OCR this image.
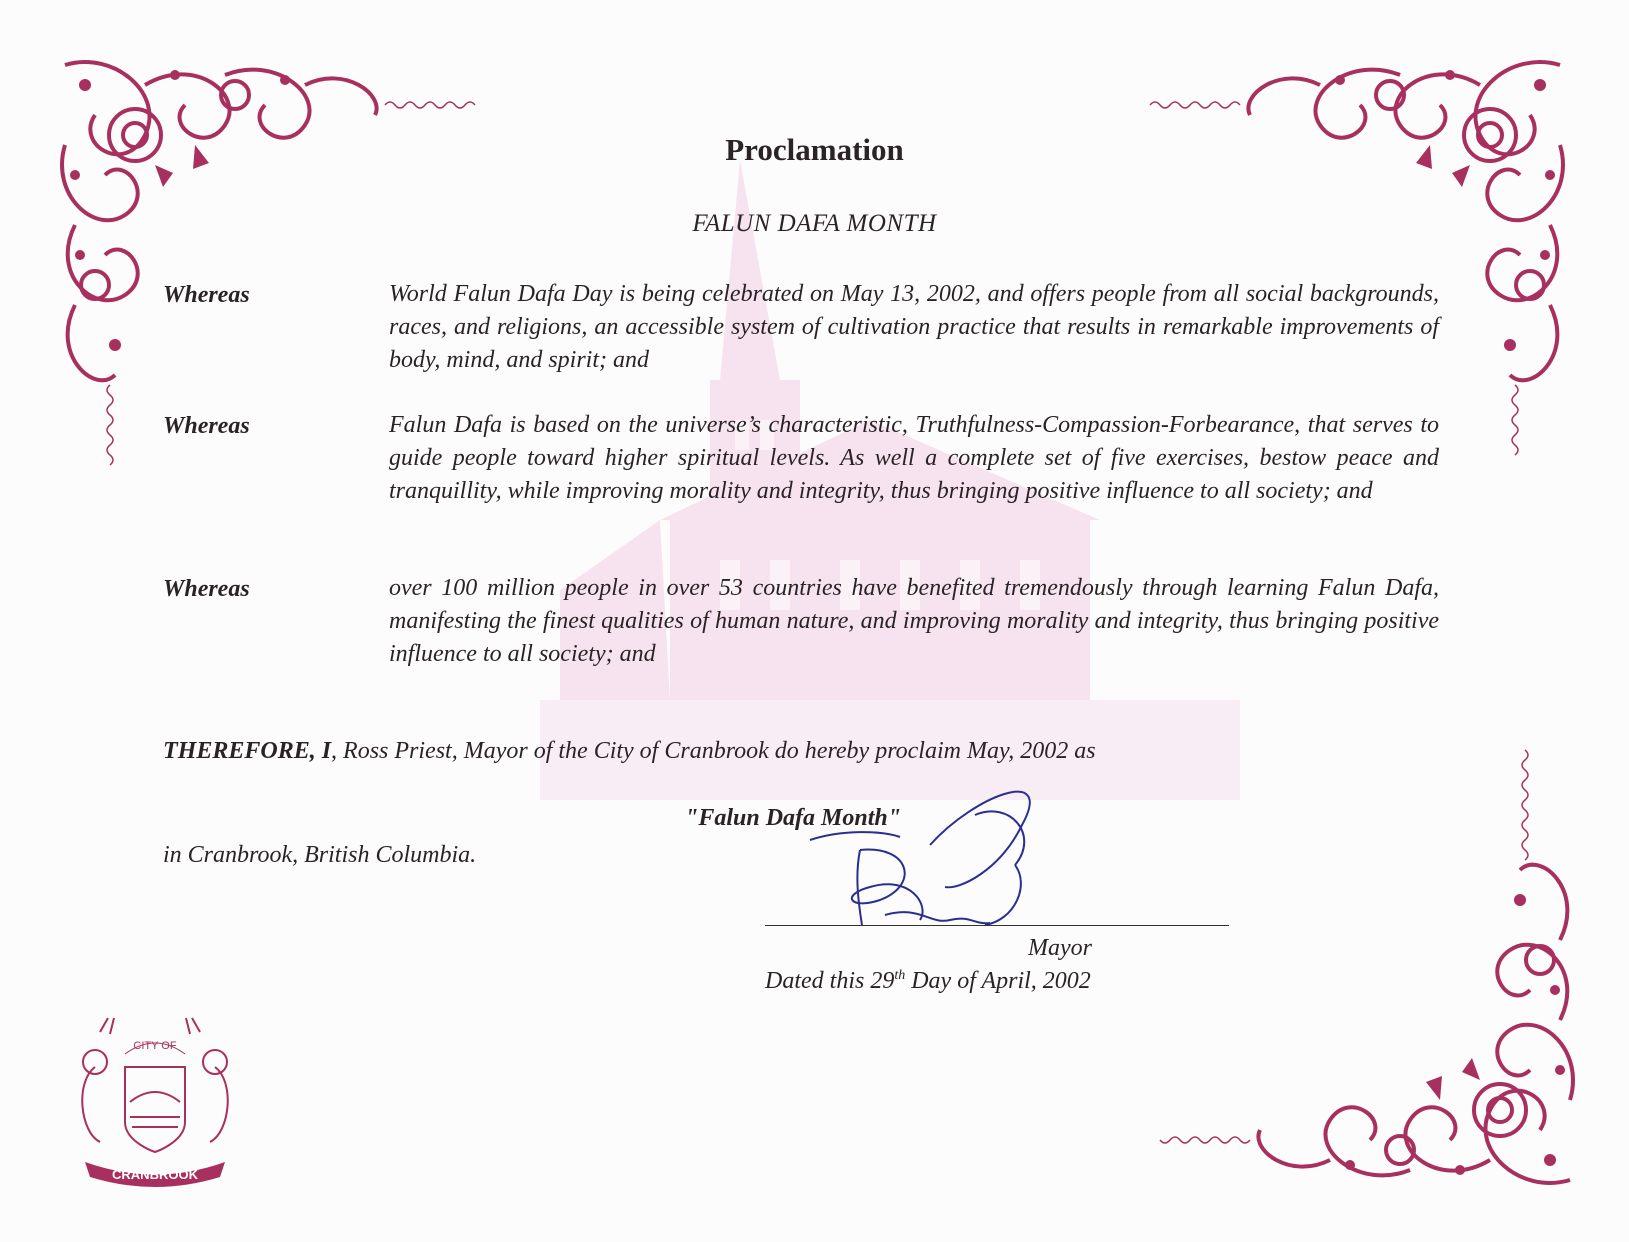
Proclamation
FALUN DAFA MONTH
Whereas	World Falun Dafa Day is being celebrated on May 13, 2002, and offers people from all social backgrounds, races, and religions, an accessible system of cultivation practice that results in remarkable improvements of body, mind, and spirit; and
Whereas	Falun Dafa is based on the universe’s characteristic, Truthfulness-Compassion-Forbearance, that serves to guide people toward higher spiritual levels. As well a complete set of five exercises, bestow peace and tranquillity, while improving morality and integrity, thus bringing positive influence to all society; and
Whereas	over 100 million people in over 53 countries have benefited tremendously through learning Falun Dafa, manifesting the finest qualities of human nature, and improving morality and integrity, thus bringing positive influence to all society; and
THEREFORE, I, Ross Priest, Mayor of the City of Cranbrook do hereby proclaim May, 2002 as
"Falun Dafa Month"
in Cranbrook, British Columbia.
Mayor
Dated this 29th Day of April, 2002
CITY OF
CRANBROOK
